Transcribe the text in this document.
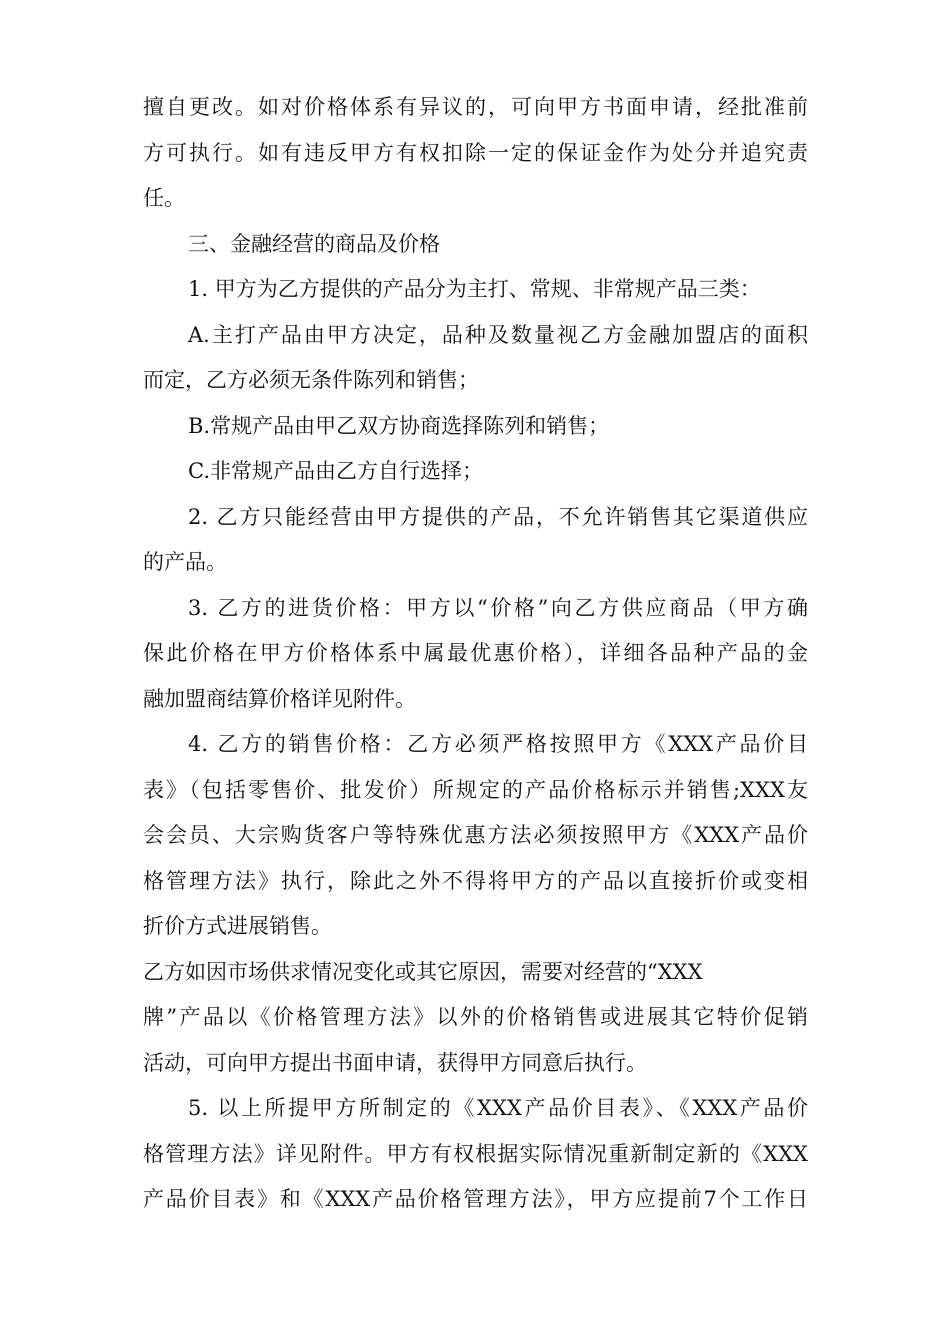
擅自更改。如对价格体系有异议的，可向甲方书面申请，经批准前
方可执行。如有违反甲方有权扣除一定的保证金作为处分并追究责
任。
三、金融经营的商品及价格
1. 甲方为乙方提供的产品分为主打、常规、非常规产品三类：
A.主打产品由甲方决定，品种及数量视乙方金融加盟店的面积
而定，乙方必须无条件陈列和销售；
B.常规产品由甲乙双方协商选择陈列和销售；
C.非常规产品由乙方自行选择；
2. 乙方只能经营由甲方提供的产品，不允许销售其它渠道供应
的产品。
3. 乙方的进货价格：甲方以“价格”向乙方供应商品（甲方确
保此价格在甲方价格体系中属最优惠价格），详细各品种产品的金
融加盟商结算价格详见附件。
4. 乙方的销售价格：乙方必须严格按照甲方《XXX产品价目
表》（包括零售价、批发价）所规定的产品价格标示并销售;XXX友
会会员、大宗购货客户等特殊优惠方法必须按照甲方《XXX产品价
格管理方法》执行，除此之外不得将甲方的产品以直接折价或变相
折价方式进展销售。
乙方如因市场供求情况变化或其它原因，需要对经营的“XXX
牌”产品以《价格管理方法》以外的价格销售或进展其它特价促销
活动，可向甲方提出书面申请，获得甲方同意后执行。
5. 以上所提甲方所制定的《XXX产品价目表》、《XXX产品价
格管理方法》详见附件。甲方有权根据实际情况重新制定新的《XXX
产品价目表》和《XXX产品价格管理方法》，甲方应提前7个工作日
